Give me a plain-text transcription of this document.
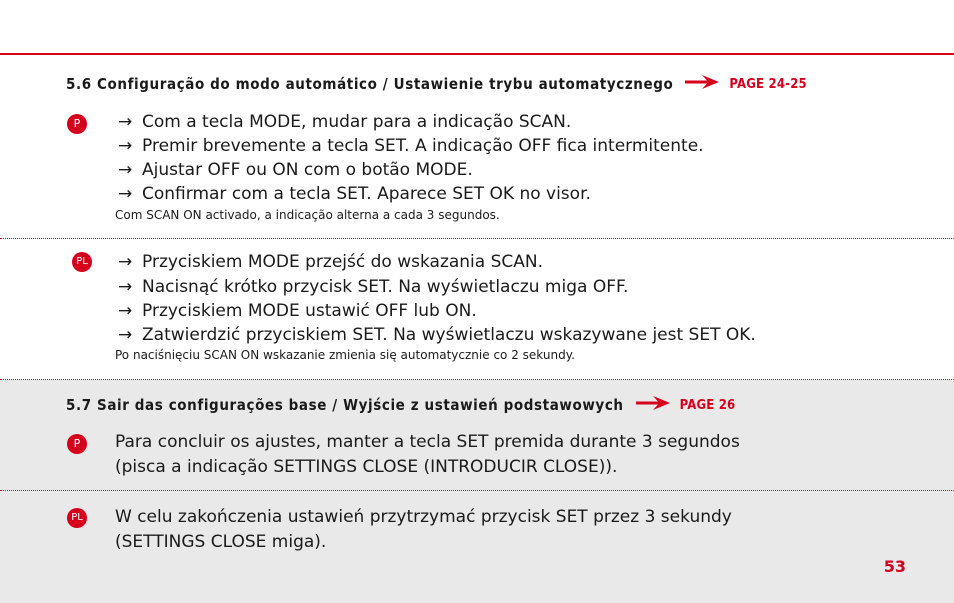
5.6 Configuração do modo automático / Ustawienie trybu automatycznego	PAGE 24-25
P	→ Com a tecla MODE, mudar para a indicação SCAN.
→ Premir brevemente a tecla SET. A indicação OFF fica intermitente.
→ Ajustar OFF ou ON com o botão MODE.
→ Confirmar com a tecla SET. Aparece SET OK no visor.
Com SCAN ON activado, a indicação alterna a cada 3 segundos.
PL → Przyciskiem MODE przejść do wskazania SCAN.
→ Nacisnąć krótko przycisk SET. Na wyświetlaczu miga OFF.
→ Przyciskiem MODE ustawić OFF lub ON.
→ Zatwierdzić przyciskiem SET. Na wyświetlaczu wskazywane jest SET OK.
Po naciśnięciu SCAN ON wskazanie zmienia się automatycznie co 2 sekundy.
5.7 Sair das configurações base / Wyjście z ustawień podstawowych	PAGE 26
P	Para concluir os ajustes, manter a tecla SET premida durante 3 segundos
(pisca a indicação SETTINGS CLOSE (INTRODUCIR CLOSE)).
PL W celu zakończenia ustawień przytrzymać przycisk SET przez 3 sekundy
(SETTINGS CLOSE miga).
53
